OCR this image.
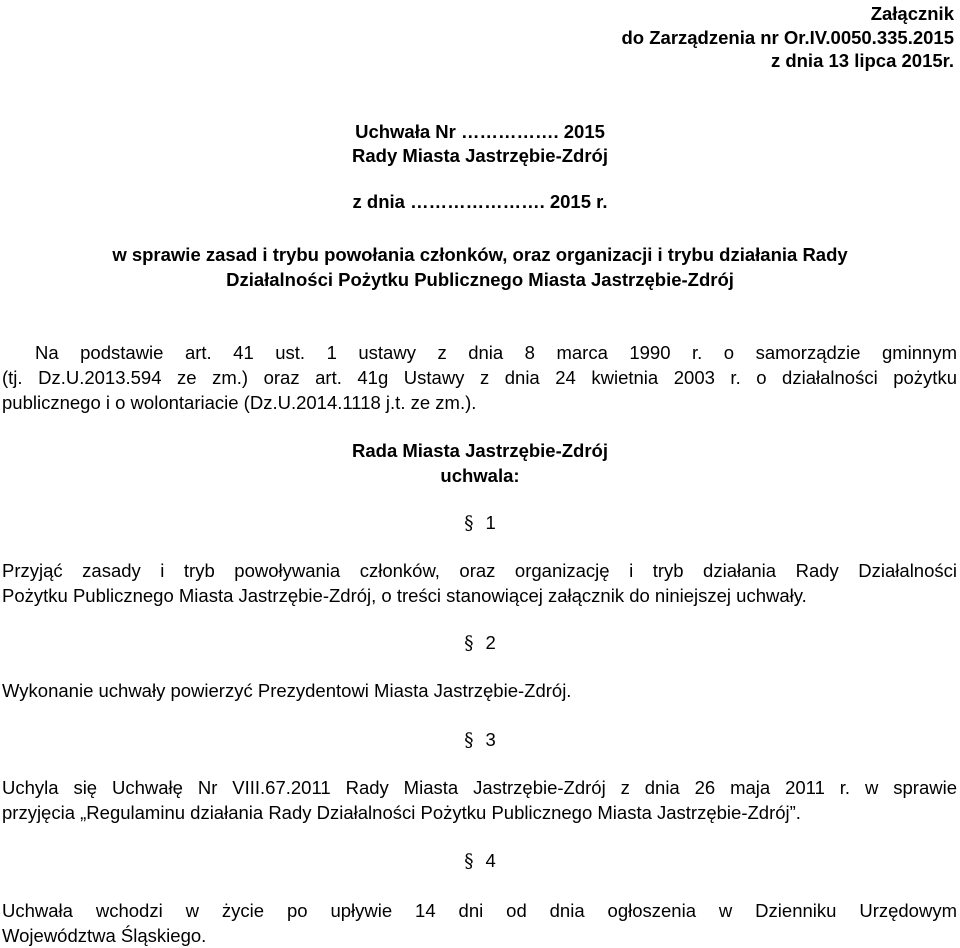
Załącznik
do Zarządzenia nr Or.IV.0050.335.2015
z dnia 13 lipca 2015r.
Uchwała Nr ……………. 2015
Rady Miasta Jastrzębie-Zdrój
z dnia …………………. 2015 r.
w sprawie zasad i trybu powołania członków, oraz organizacji i trybu działania Rady
Działalności Pożytku Publicznego Miasta Jastrzębie-Zdrój
Na podstawie art. 41 ust. 1 ustawy z dnia 8 marca 1990 r. o samorządzie gminnym
(tj. Dz.U.2013.594 ze zm.) oraz art. 41g Ustawy z dnia 24 kwietnia 2003 r. o działalności pożytku
publicznego i o wolontariacie (Dz.U.2014.1118 j.t. ze zm.).
Rada Miasta Jastrzębie-Zdrój
uchwala:
§ 1
Przyjąć zasady i tryb powoływania członków, oraz organizację i tryb działania Rady Działalności
Pożytku Publicznego Miasta Jastrzębie-Zdrój, o treści stanowiącej załącznik do niniejszej uchwały.
§ 2
Wykonanie uchwały powierzyć Prezydentowi Miasta Jastrzębie-Zdrój.
§ 3
Uchyla się Uchwałę Nr VIII.67.2011 Rady Miasta Jastrzębie-Zdrój z dnia 26 maja 2011 r. w sprawie
przyjęcia „Regulaminu działania Rady Działalności Pożytku Publicznego Miasta Jastrzębie-Zdrój”.
§ 4
Uchwała wchodzi w życie po upływie 14 dni od dnia ogłoszenia w Dzienniku Urzędowym
Województwa Śląskiego.
